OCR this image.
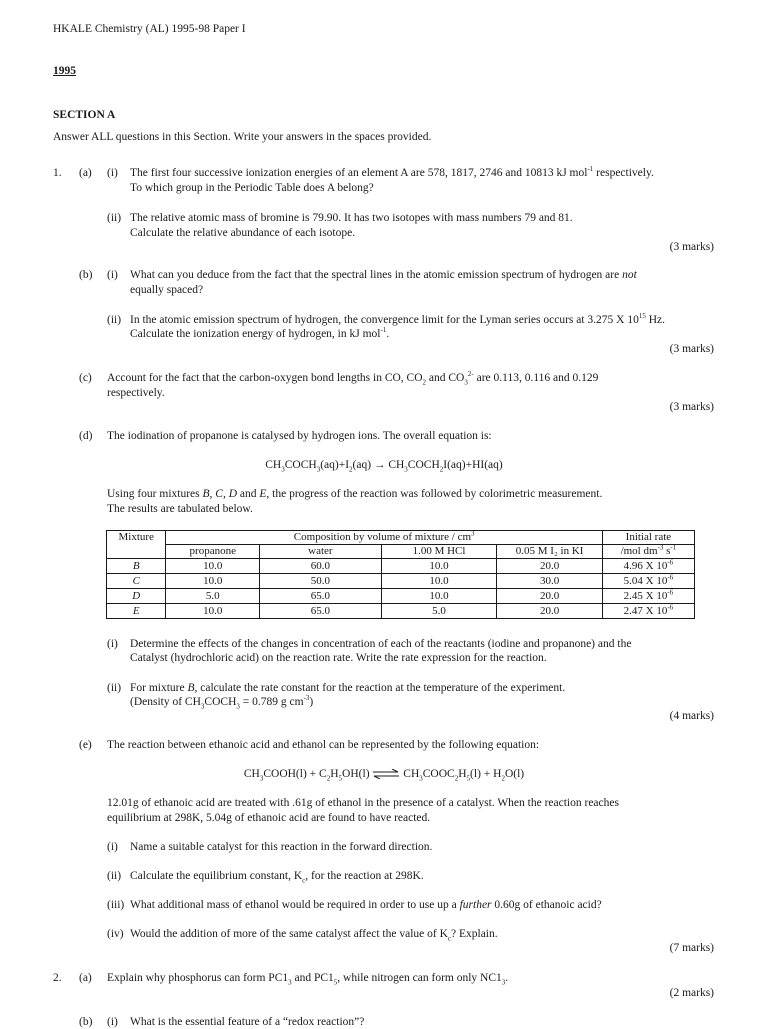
HKALE Chemistry (AL) 1995-98 Paper I
1995
SECTION A
Answer ALL questions in this Section. Write your answers in the spaces provided.
1. (a) (i) The first four successive ionization energies of an element A are 578, 1817, 2746 and 10813 kJ mol$^{-1}$ respectively.
To which group in the Periodic Table does A belong?
(ii) The relative atomic mass of bromine is 79.90. It has two isotopes with mass numbers 79 and 81.
Calculate the relative abundance of each isotope.
(3 marks)
(b) (i) What can you deduce from the fact that the spectral lines in the atomic emission spectrum of hydrogen are not
equally spaced?
(ii) In the atomic emission spectrum of hydrogen, the convergence limit for the Lyman series occurs at 3.275 X $10^{15}$ Hz.
Calculate the ionization energy of hydrogen, in kJ mol$^{-1}$.
(3 marks)
(c) Account for the fact that the carbon-oxygen bond lengths in CO, $CO_2$ and $CO_3^{2-}$ are 0.113, 0.116 and 0.129
respectively.
(3 marks)
(d) The iodination of propanone is catalysed by hydrogen ions. The overall equation is:
$CH_3COCH_3(aq)+I_2(aq)$ → $CH_3COCH_2I(aq)+HI(aq)$
Using four mixtures B, C, D and E, the progress of the reaction was followed by colorimetric measurement.
The results are tabulated below.
Mixture	Composition by volume of mixture / $cm^3$				Initial rate
	propanone	water	1.00 M HCl	0.05 M I₂ in KI	/mol $dm^{-3}$ $s^{-1}$
B	10.0	60.0	10.0	20.0	4.96 X $10^{-6}$
C	10.0	50.0	10.0	30.0	5.04 X $10^{-6}$
D	5.0	65.0	10.0	20.0	2.45 X $10^{-6}$
E	10.0	65.0	5.0	20.0	2.47 X $10^{-6}$
(i) Determine the effects of the changes in concentration of each of the reactants (iodine and propanone) and the
Catalyst (hydrochloric acid) on the reaction rate. Write the rate expression for the reaction.
(ii) For mixture B, calculate the rate constant for the reaction at the temperature of the experiment.
(Density of $CH_3COCH_3 = 0.789$ g $cm^{-3}$)
(4 marks)
(e) The reaction between ethanoic acid and ethanol can be represented by the following equation:
$CH_3COOH(l) + C_2H_5OH(l)$ ⇌ $CH_3COOC_2H_5(l) + H_2O(l)$
12.01g of ethanoic acid are treated with .61g of ethanol in the presence of a catalyst. When the reaction reaches
equilibrium at 298K, 5.04g of ethanoic acid are found to have reacted.
(i) Name a suitable catalyst for this reaction in the forward direction.
(ii) Calculate the equilibrium constant, $K_c$, for the reaction at 298K.
(iii) What additional mass of ethanol would be required in order to use up a further 0.60g of ethanoic acid?
(iv) Would the addition of more of the same catalyst affect the value of $K_c$? Explain.
(7 marks)
2. (a) Explain why phosphorus can form $PC1_3$ and $PC1_5$, while nitrogen can form only $NC1_3$.
(2 marks)
(b) (i) What is the essential feature of a “redox reaction”?
